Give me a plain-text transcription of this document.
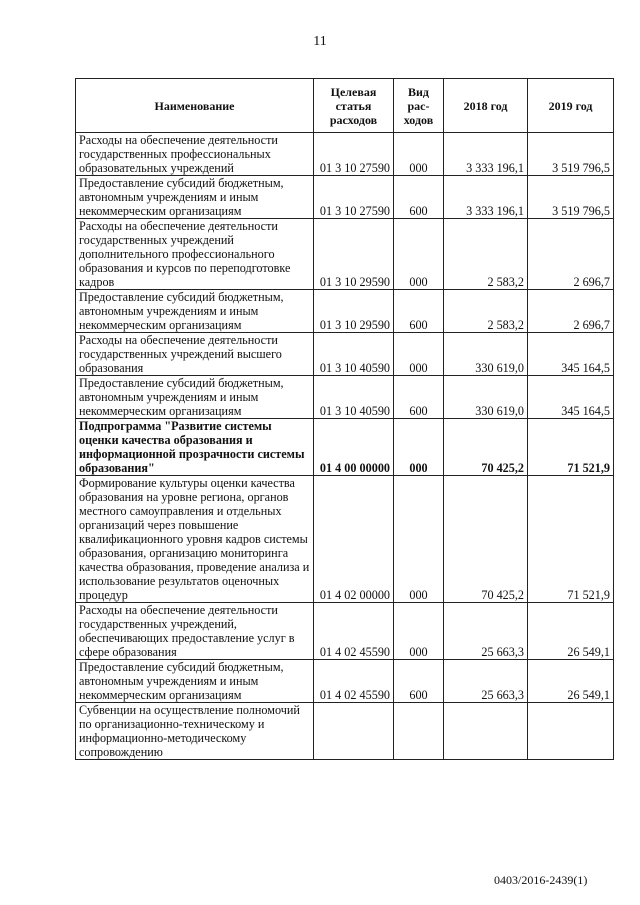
11
Наименование	Целевая статья расходов	Вид рас-ходов	2018 год	2019 год
Расходы на обеспечение деятельности государственных профессиональных образовательных учреждений	01 3 10 27590	000	3 333 196,1	3 519 796,5
Предоставление субсидий бюджетным, автономным учреждениям и иным некоммерческим организациям	01 3 10 27590	600	3 333 196,1	3 519 796,5
Расходы на обеспечение деятельности государственных учреждений дополнительного профессионального образования и курсов по переподготовке кадров	01 3 10 29590	000	2 583,2	2 696,7
Предоставление субсидий бюджетным, автономным учреждениям и иным некоммерческим организациям	01 3 10 29590	600	2 583,2	2 696,7
Расходы на обеспечение деятельности государственных учреждений высшего образования	01 3 10 40590	000	330 619,0	345 164,5
Предоставление субсидий бюджетным, автономным учреждениям и иным некоммерческим организациям	01 3 10 40590	600	330 619,0	345 164,5
Подпрограмма "Развитие системы оценки качества образования и информационной прозрачности системы образования"	01 4 00 00000	000	70 425,2	71 521,9
Формирование культуры оценки качества образования на уровне региона, органов местного самоуправления и отдельных организаций через повышение квалификационного уровня кадров системы образования, организацию мониторинга качества образования, проведение анализа и использование результатов оценочных процедур	01 4 02 00000	000	70 425,2	71 521,9
Расходы на обеспечение деятельности государственных учреждений, обеспечивающих предоставление услуг в сфере образования	01 4 02 45590	000	25 663,3	26 549,1
Предоставление субсидий бюджетным, автономным учреждениям и иным некоммерческим организациям	01 4 02 45590	600	25 663,3	26 549,1
Субвенции на осуществление полномочий по организационно-техническому и информационно-методическому сопровождению				
0403/2016-2439(1)
